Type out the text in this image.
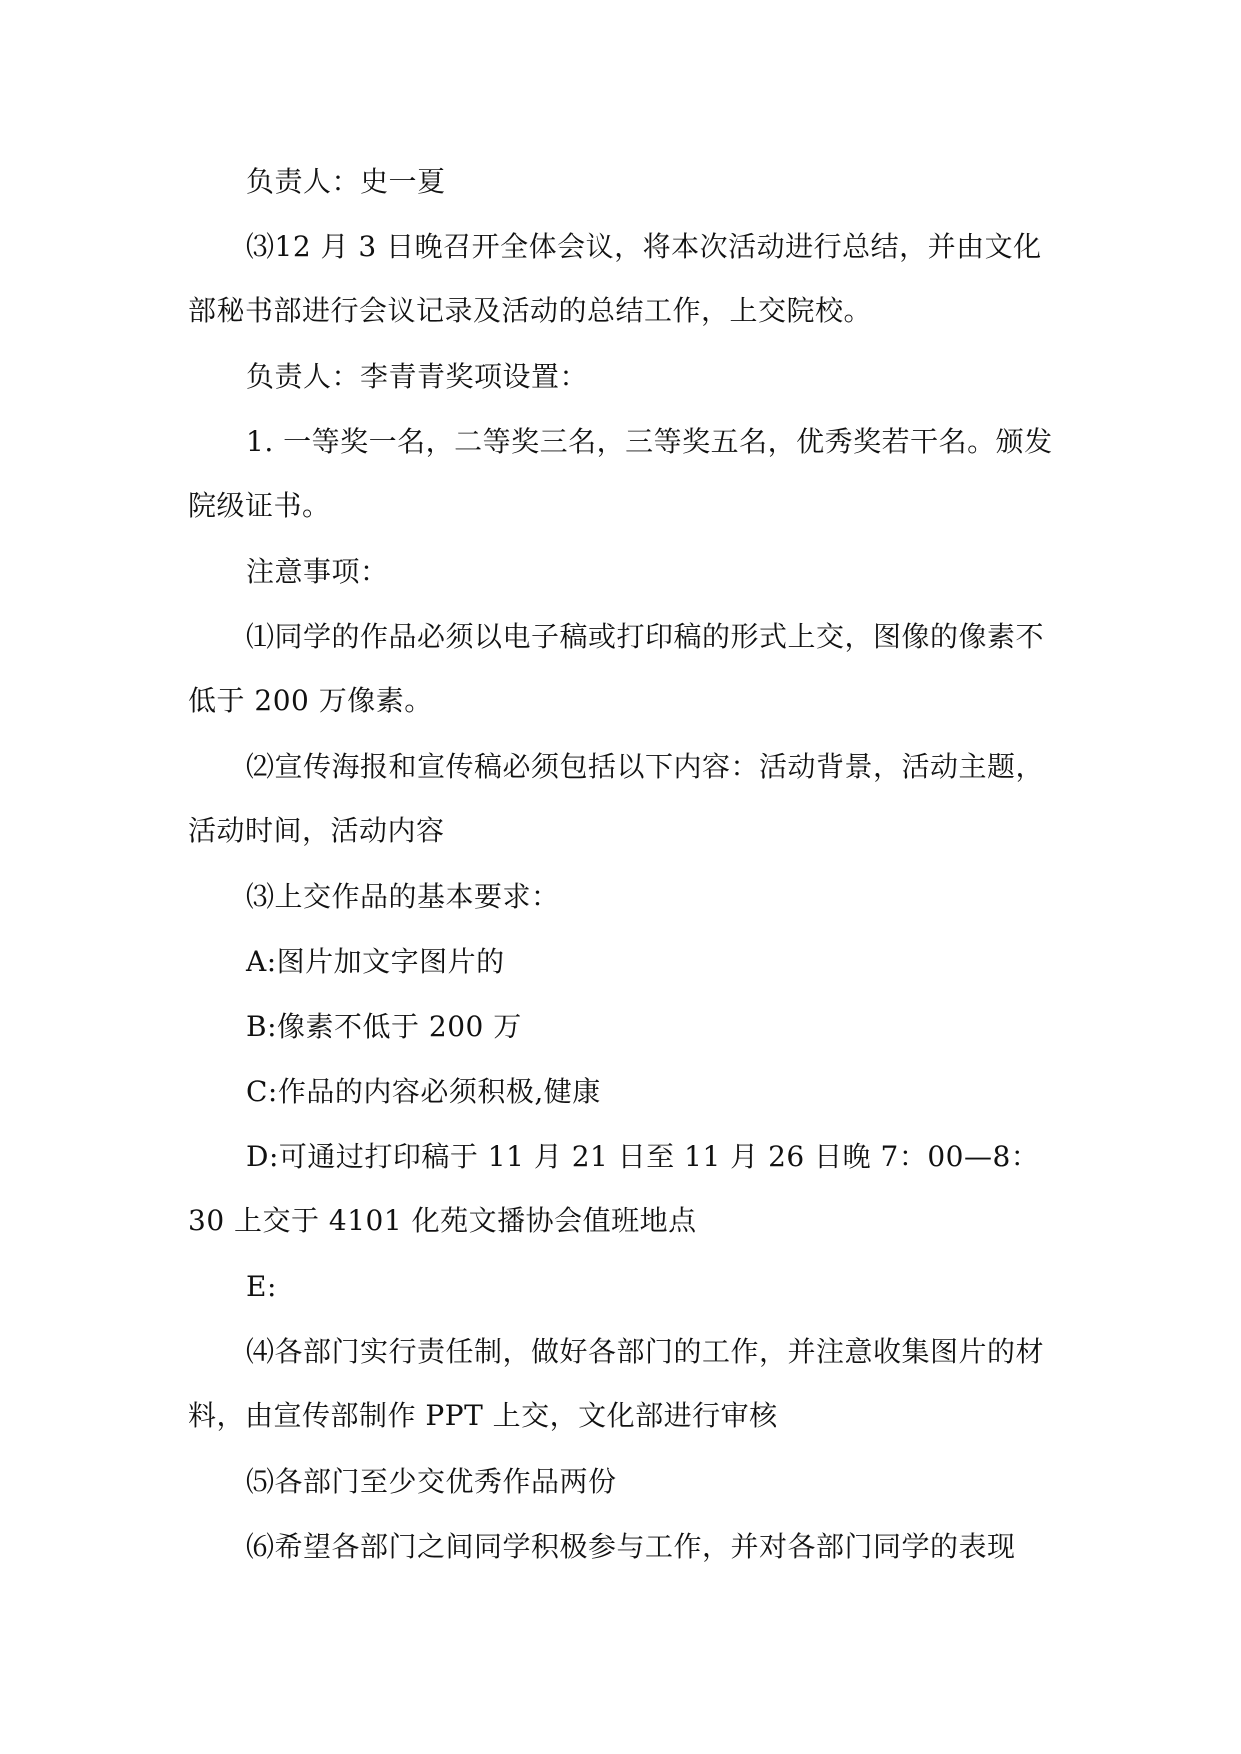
负责人：史一夏

⑶12 月 3 日晚召开全体会议，将本次活动进行总结，并由文化部秘书部进行会议记录及活动的总结工作，上交院校。

负责人：李青青奖项设置：

1. 一等奖一名，二等奖三名，三等奖五名，优秀奖若干名。颁发院级证书。

注意事项：

⑴同学的作品必须以电子稿或打印稿的形式上交，图像的像素不低于 200 万像素。

⑵宣传海报和宣传稿必须包括以下内容：活动背景，活动主题，活动时间，活动内容

⑶上交作品的基本要求：

A:图片加文字图片的

B:像素不低于 200 万

C:作品的内容必须积极,健康

D:可通过打印稿于 11 月 21 日至 11 月 26 日晚 7：00—8：30 上交于 4101 化苑文播协会值班地点

E:

⑷各部门实行责任制，做好各部门的工作，并注意收集图片的材料，由宣传部制作 PPT 上交，文化部进行审核

⑸各部门至少交优秀作品两份

⑹希望各部门之间同学积极参与工作，并对各部门同学的表现
